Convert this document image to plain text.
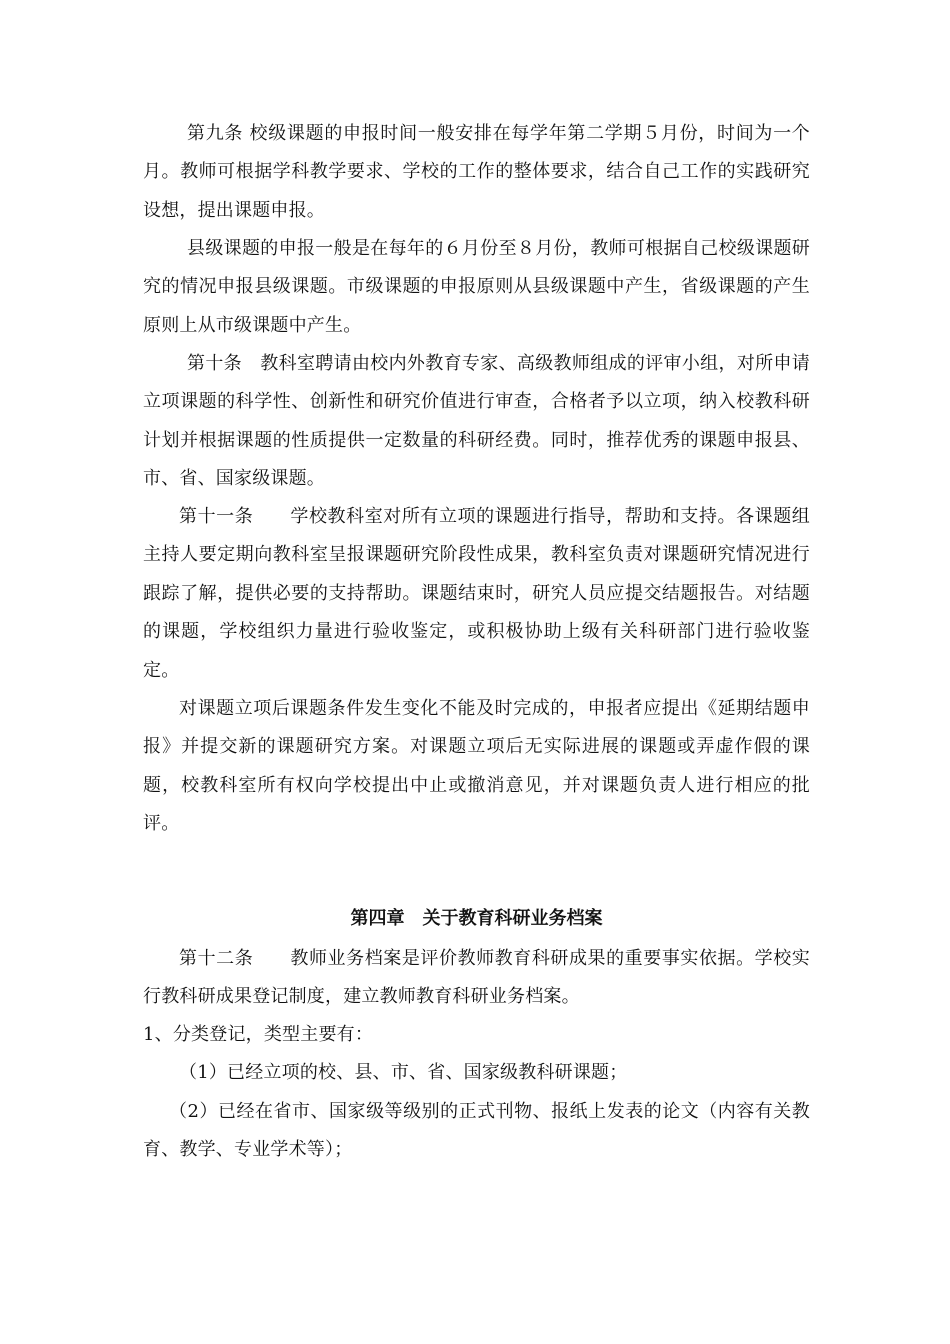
第九条 校级课题的申报时间一般安排在每学年第二学期５月份，时间为一个月。教师可根据学科教学要求、学校的工作的整体要求，结合自己工作的实践研究设想，提出课题申报。

县级课题的申报一般是在每年的６月份至８月份，教师可根据自己校级课题研究的情况申报县级课题。市级课题的申报原则从县级课题中产生，省级课题的产生原则上从市级课题中产生。

第十条　教科室聘请由校内外教育专家、高级教师组成的评审小组，对所申请立项课题的科学性、创新性和研究价值进行审查，合格者予以立项，纳入校教科研计划并根据课题的性质提供一定数量的科研经费。同时，推荐优秀的课题申报县、市、省、国家级课题。

第十一条　　学校教科室对所有立项的课题进行指导，帮助和支持。各课题组主持人要定期向教科室呈报课题研究阶段性成果，教科室负责对课题研究情况进行跟踪了解，提供必要的支持帮助。课题结束时，研究人员应提交结题报告。对结题的课题，学校组织力量进行验收鉴定，或积极协助上级有关科研部门进行验收鉴定。

对课题立项后课题条件发生变化不能及时完成的，申报者应提出《延期结题申报》并提交新的课题研究方案。对课题立项后无实际进展的课题或弄虚作假的课题，校教科室所有权向学校提出中止或撤消意见，并对课题负责人进行相应的批评。

第四章　关于教育科研业务档案

第十二条　　教师业务档案是评价教师教育科研成果的重要事实依据。学校实行教科研成果登记制度，建立教师教育科研业务档案。

1、分类登记，类型主要有：

（1）已经立项的校、县、市、省、国家级教科研课题；

（2）已经在省市、国家级等级别的正式刊物、报纸上发表的论文（内容有关教育、教学、专业学术等）；
